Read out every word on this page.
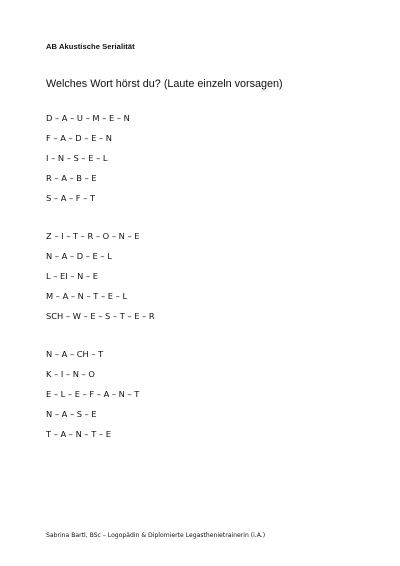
AB Akustische Serialität
Welches Wort hörst du? (Laute einzeln vorsagen)
D – A – U – M – E – N
F – A – D – E – N
I – N – S – E – L
R – A – B – E
S – A – F – T
Z – I – T – R – O – N – E
N – A – D – E – L
L – EI – N – E
M – A – N – T – E – L
SCH – W – E – S – T – E – R
N – A – CH – T
K – I – N – O
E – L – E – F – A – N – T
N – A – S – E
T – A – N – T – E
Sabrina Bartl, BSc – Logopädin & Diplomierte Legasthenietrainerin (i.A.)
